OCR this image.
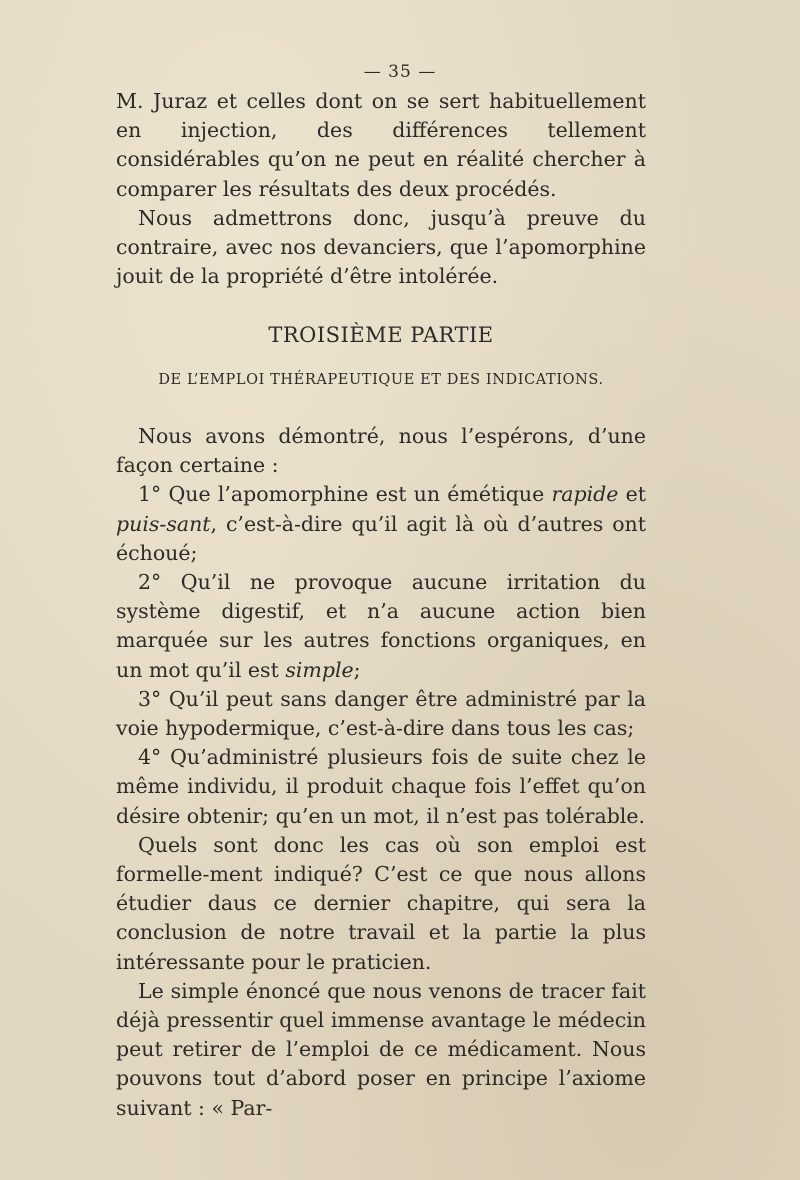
— 35 —

M. Juraz et celles dont on se sert habituellement en injection, des différences tellement considérables qu’on ne peut en réalité chercher à comparer les résultats des deux procédés.

Nous admettrons donc, jusqu’à preuve du contraire, avec nos devanciers, que l’apomorphine jouit de la propriété d’être intolérée.

TROISIÈME PARTIE
DE L’EMPLOI THÉRAPEUTIQUE ET DES INDICATIONS.

Nous avons démontré, nous l’espérons, d’une façon certaine :

1° Que l’apomorphine est un émétique rapide et puis-sant, c’est-à-dire qu’il agit là où d’autres ont échoué;

2° Qu’il ne provoque aucune irritation du système digestif, et n’a aucune action bien marquée sur les autres fonctions organiques, en un mot qu’il est simple;

3° Qu’il peut sans danger être administré par la voie hypodermique, c’est-à-dire dans tous les cas;

4° Qu’administré plusieurs fois de suite chez le même individu, il produit chaque fois l’effet qu’on désire obtenir; qu’en un mot, il n’est pas tolérable.

Quels sont donc les cas où son emploi est formelle-ment indiqué? C’est ce que nous allons étudier daus ce dernier chapitre, qui sera la conclusion de notre travail et la partie la plus intéressante pour le praticien.

Le simple énoncé que nous venons de tracer fait déjà pressentir quel immense avantage le médecin peut retirer de l’emploi de ce médicament. Nous pouvons tout d’abord poser en principe l’axiome suivant : « Par-
